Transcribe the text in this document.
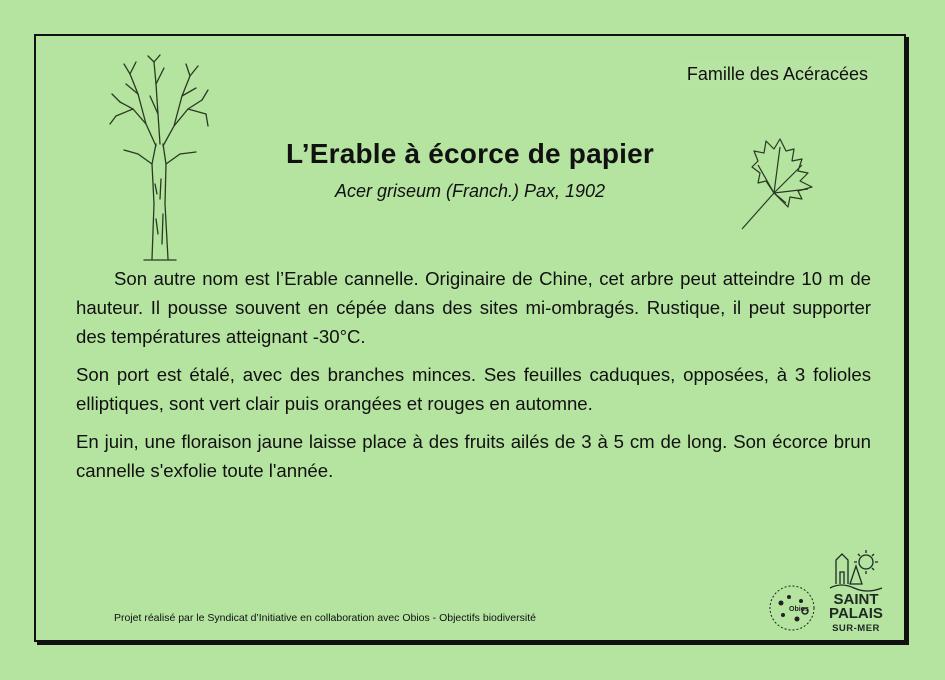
Famille des Acéracées
L’Erable à écorce de papier
Acer griseum (Franch.) Pax, 1902

Son autre nom est l’Erable cannelle. Originaire de Chine, cet arbre peut atteindre 10 m de hauteur. Il pousse souvent en cépée dans des sites mi-ombragés. Rustique, il peut supporter des températures atteignant -30°C.

Son port est étalé, avec des branches minces. Ses feuilles caduques, opposées, à 3 folioles elliptiques, sont vert clair puis orangées et rouges en automne.

En juin, une floraison jaune laisse place à des fruits ailés de 3 à 5 cm de long. Son écorce brun cannelle s'exfolie toute l'année.

Projet réalisé par le Syndicat d’Initiative en collaboration avec Obios - Objectifs biodiversité
Obios
SAINT
PALAIS
SUR-MER
